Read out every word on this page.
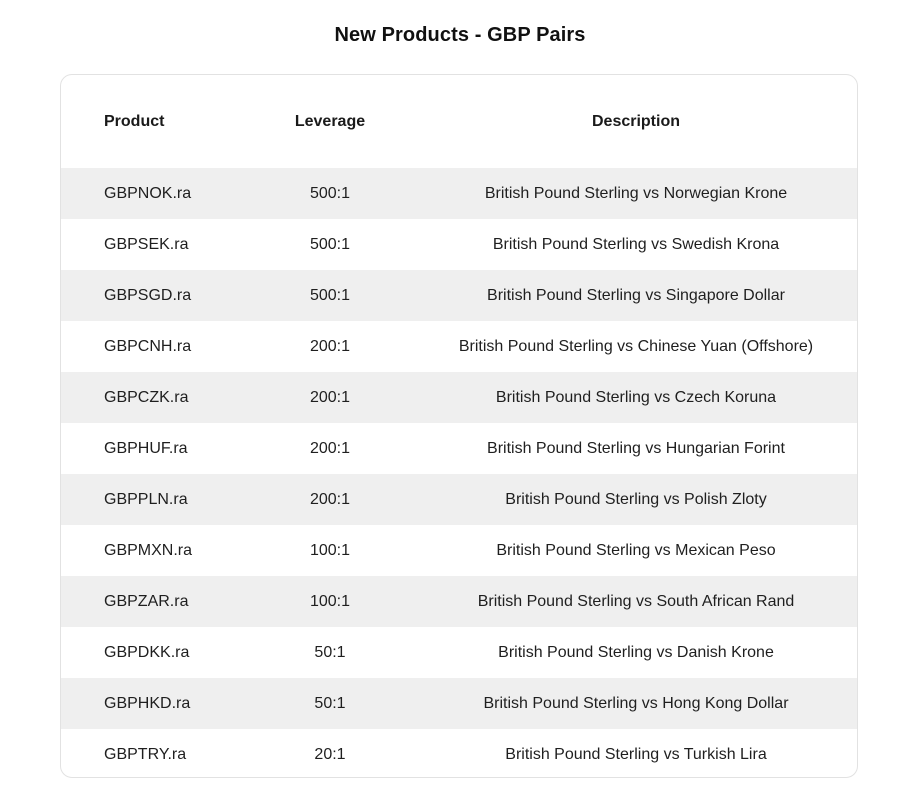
New Products - GBP Pairs
Product	Leverage	Description
GBPNOK.ra	500:1	British Pound Sterling vs Norwegian Krone
GBPSEK.ra	500:1	British Pound Sterling vs Swedish Krona
GBPSGD.ra	500:1	British Pound Sterling vs Singapore Dollar
GBPCNH.ra	200:1	British Pound Sterling vs Chinese Yuan (Offshore)
GBPCZK.ra	200:1	British Pound Sterling vs Czech Koruna
GBPHUF.ra	200:1	British Pound Sterling vs Hungarian Forint
GBPPLN.ra	200:1	British Pound Sterling vs Polish Zloty
GBPMXN.ra	100:1	British Pound Sterling vs Mexican Peso
GBPZAR.ra	100:1	British Pound Sterling vs South African Rand
GBPDKK.ra	50:1	British Pound Sterling vs Danish Krone
GBPHKD.ra	50:1	British Pound Sterling vs Hong Kong Dollar
GBPTRY.ra	20:1	British Pound Sterling vs Turkish Lira
